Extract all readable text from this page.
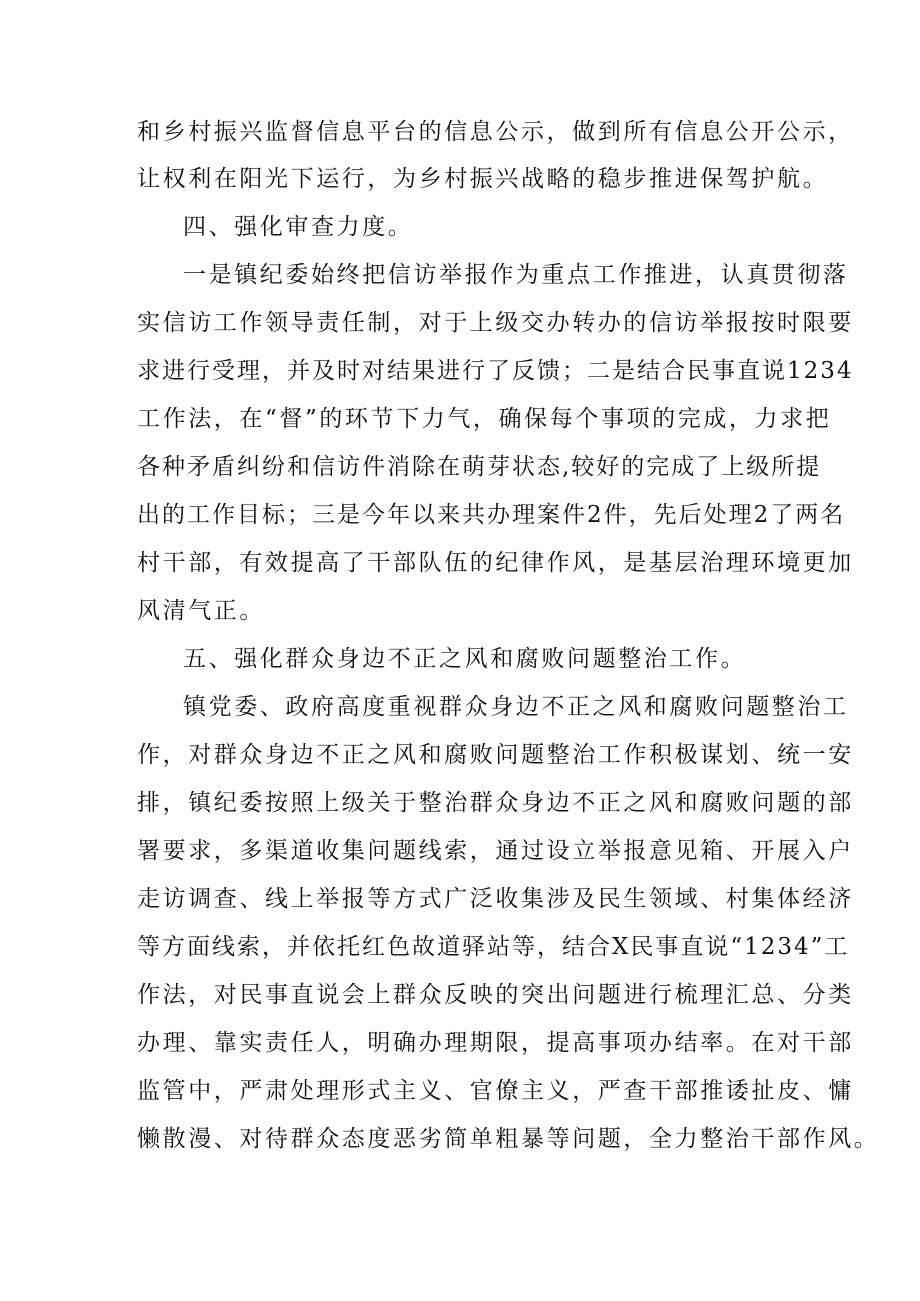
和乡村振兴监督信息平台的信息公示，做到所有信息公开公示，

让权利在阳光下运行，为乡村振兴战略的稳步推进保驾护航。

四、强化审查力度。

一是镇纪委始终把信访举报作为重点工作推进，认真贯彻落

实信访工作领导责任制，对于上级交办转办的信访举报按时限要

求进行受理，并及时对结果进行了反馈；二是结合民事直说1234

工作法，在“督”的环节下力气，确保每个事项的完成，力求把

各种矛盾纠纷和信访件消除在萌芽状态,较好的完成了上级所提

出的工作目标；三是今年以来共办理案件2件，先后处理2了两名

村干部，有效提高了干部队伍的纪律作风，是基层治理环境更加

风清气正。

五、强化群众身边不正之风和腐败问题整治工作。

镇党委、政府高度重视群众身边不正之风和腐败问题整治工

作，对群众身边不正之风和腐败问题整治工作积极谋划、统一安

排，镇纪委按照上级关于整治群众身边不正之风和腐败问题的部

署要求，多渠道收集问题线索，通过设立举报意见箱、开展入户

走访调查、线上举报等方式广泛收集涉及民生领域、村集体经济

等方面线索，并依托红色故道驿站等，结合X民事直说“1234”工

作法，对民事直说会上群众反映的突出问题进行梳理汇总、分类

办理、靠实责任人，明确办理期限，提高事项办结率。在对干部

监管中，严肃处理形式主义、官僚主义，严查干部推诿扯皮、慵

懒散漫、对待群众态度恶劣简单粗暴等问题，全力整治干部作风。
